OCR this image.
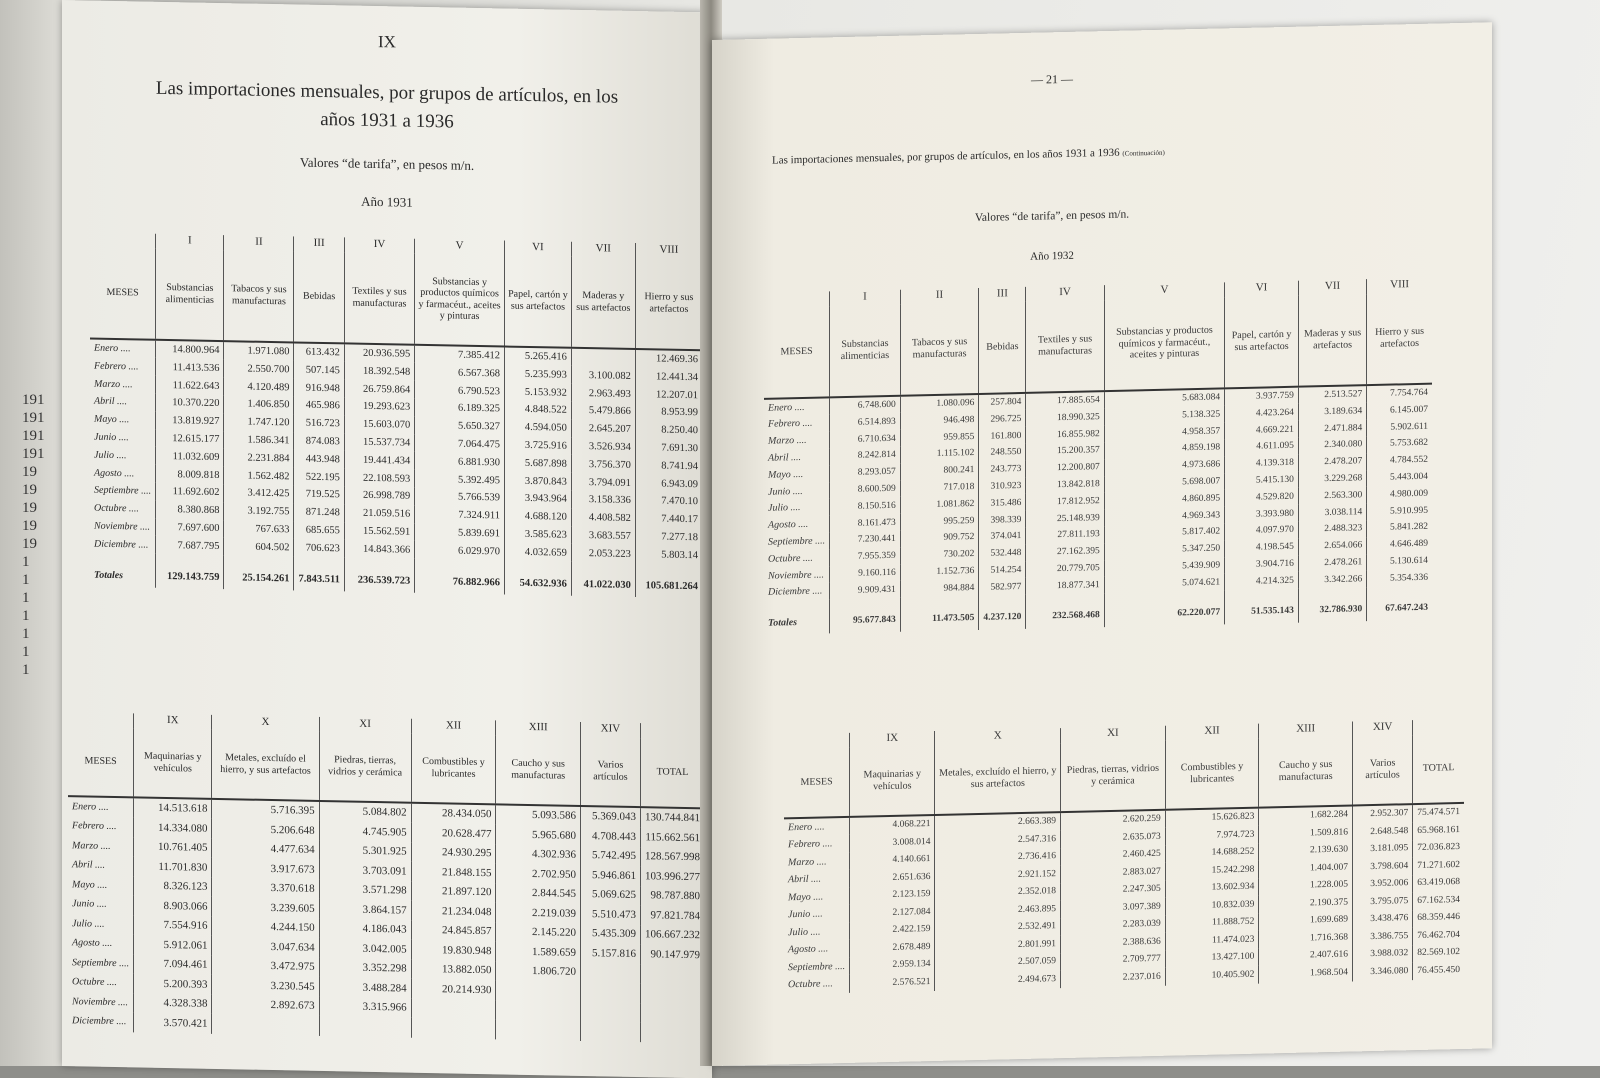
191
191
191
191
19
19
19
19
19
1
1
1
1
1
1
1
IX
Las importaciones mensuales, por grupos de artículos, en los
años 1931 a 1936
Valores “de tarifa”, en pesos m/n.
Año 1931
	I	II	III	IV	V	VI	VII	VIII
MESES	Substancias alimenticias	Tabacos y sus manufacturas	Bebidas	Textiles y sus manufacturas	Substancias y productos químicos y farmacéut., aceites y pinturas	Papel, cartón y sus artefactos	Maderas y sus artefactos	Hierro y sus artefactos
Enero ....	14.800.964	1.971.080	613.432	20.936.595	7.385.412	5.265.416		12.469.36
Febrero ....	11.413.536	2.550.700	507.145	18.392.548	6.567.368	5.235.993	3.100.082	12.441.34
Marzo ....	11.622.643	4.120.489	916.948	26.759.864	6.790.523	5.153.932	2.963.493	12.207.01
Abril ....	10.370.220	1.406.850	465.986	19.293.623	6.189.325	4.848.522	5.479.866	8.953.99
Mayo ....	13.819.927	1.747.120	516.723	15.603.070	5.650.327	4.594.050	2.645.207	8.250.40
Junio ....	12.615.177	1.586.341	874.083	15.537.734	7.064.475	3.725.916	3.526.934	7.691.30
Julio ....	11.032.609	2.231.884	443.948	19.441.434	6.881.930	5.687.898	3.756.370	8.741.94
Agosto ....	8.009.818	1.562.482	522.195	22.108.593	5.392.495	3.870.843	3.794.091	6.943.09
Septiembre ....	11.692.602	3.412.425	719.525	26.998.789	5.766.539	3.943.964	3.158.336	7.470.10
Octubre ....	8.380.868	3.192.755	871.248	21.059.516	7.324.911	4.688.120	4.408.582	7.440.17
Noviembre ....	7.697.600	767.633	685.655	15.562.591	5.839.691	3.585.623	3.683.557	7.277.18
Diciembre ....	7.687.795	604.502	706.623	14.843.366	6.029.970	4.032.659	2.053.223	5.803.14
Totales	129.143.759	25.154.261	7.843.511	236.539.723	76.882.966	54.632.936	41.022.030	105.681.264
	IX	X	XI	XII	XIII	XIV	
MESES	Maquinarias y vehículos	Metales, excluído el hierro, y sus artefactos	Piedras, tierras, vidrios y cerámica	Combustibles y lubricantes	Caucho y sus manufacturas	Varios artículos	TOTAL
Enero ....	14.513.618	5.716.395	5.084.802	28.434.050	5.093.586	5.369.043	130.744.841
Febrero ....	14.334.080	5.206.648	4.745.905	20.628.477	5.965.680	4.708.443	115.662.561
Marzo ....	10.761.405	4.477.634	5.301.925	24.930.295	4.302.936	5.742.495	128.567.998
Abril ....	11.701.830	3.917.673	3.703.091	21.848.155	2.702.950	5.946.861	103.996.277
Mayo ....	8.326.123	3.370.618	3.571.298	21.897.120	2.844.545	5.069.625	98.787.880
Junio ....	8.903.066	3.239.605	3.864.157	21.234.048	2.219.039	5.510.473	97.821.784
Julio ....	7.554.916	4.244.150	4.186.043	24.845.857	2.145.220	5.435.309	106.667.232
Agosto ....	5.912.061	3.047.634	3.042.005	19.830.948	1.589.659	5.157.816	90.147.979
Septiembre ....	7.094.461	3.472.975	3.352.298	13.882.050	1.806.720		
Octubre ....	5.200.393	3.230.545	3.488.284	20.214.930			
Noviembre ....	4.328.338	2.892.673	3.315.966				
Diciembre ....	3.570.421						
— 21 —
Las importaciones mensuales, por grupos de artículos, en los años 1931 a 1936 (Continuación)
Valores “de tarifa”, en pesos m/n.
Año 1932
	I	II	III	IV	V	VI	VII	VIII
MESES	Substancias alimenticias	Tabacos y sus manufacturas	Bebidas	Textiles y sus manufacturas	Substancias y productos químicos y farmacéut., aceites y pinturas	Papel, cartón y sus artefactos	Maderas y sus artefactos	Hierro y sus artefactos
Enero ....	6.748.600	1.080.096	257.804	17.885.654	5.683.084	3.937.759	2.513.527	7.754.764
Febrero ....	6.514.893	946.498	296.725	18.990.325	5.138.325	4.423.264	3.189.634	6.145.007
Marzo ....	6.710.634	959.855	161.800	16.855.982	4.958.357	4.669.221	2.471.884	5.902.611
Abril ....	8.242.814	1.115.102	248.550	15.200.357	4.859.198	4.611.095	2.340.080	5.753.682
Mayo ....	8.293.057	800.241	243.773	12.200.807	4.973.686	4.139.318	2.478.207	4.784.552
Junio ....	8.600.509	717.018	310.923	13.842.818	5.698.007	5.415.130	3.229.268	5.443.004
Julio ....	8.150.516	1.081.862	315.486	17.812.952	4.860.895	4.529.820	2.563.300	4.980.009
Agosto ....	8.161.473	995.259	398.339	25.148.939	4.969.343	3.393.980	3.038.114	5.910.995
Septiembre ....	7.230.441	909.752	374.041	27.811.193	5.817.402	4.097.970	2.488.323	5.841.282
Octubre ....	7.955.359	730.202	532.448	27.162.395	5.347.250	4.198.545	2.654.066	4.646.489
Noviembre ....	9.160.116	1.152.736	514.254	20.779.705	5.439.909	3.904.716	2.478.261	5.130.614
Diciembre ....	9.909.431	984.884	582.977	18.877.341	5.074.621	4.214.325	3.342.266	5.354.336
Totales	95.677.843	11.473.505	4.237.120	232.568.468	62.220.077	51.535.143	32.786.930	67.647.243
	IX	X	XI	XII	XIII	XIV	
MESES	Maquinarias y vehículos	Metales, excluído el hierro, y sus artefactos	Piedras, tierras, vidrios y cerámica	Combustibles y lubricantes	Caucho y sus manufacturas	Varios artículos	TOTAL
Enero ....	4.068.221	2.663.389	2.620.259	15.626.823	1.682.284	2.952.307	75.474.571
Febrero ....	3.008.014	2.547.316	2.635.073	7.974.723	1.509.816	2.648.548	65.968.161
Marzo ....	4.140.661	2.736.416	2.460.425	14.688.252	2.139.630	3.181.095	72.036.823
Abril ....	2.651.636	2.921.152	2.883.027	15.242.298	1.404.007	3.798.604	71.271.602
Mayo ....	2.123.159	2.352.018	2.247.305	13.602.934	1.228.005	3.952.006	63.419.068
Junio ....	2.127.084	2.463.895	3.097.389	10.832.039	2.190.375	3.795.075	67.162.534
Julio ....	2.422.159	2.532.491	2.283.039	11.888.752	1.699.689	3.438.476	68.359.446
Agosto ....	2.678.489	2.801.991	2.388.636	11.474.023	1.716.368	3.386.755	76.462.704
Septiembre ....	2.959.134	2.507.059	2.709.777	13.427.100	2.407.616	3.988.032	82.569.102
Octubre ....	2.576.521	2.494.673	2.237.016	10.405.902	1.968.504	3.346.080	76.455.450
